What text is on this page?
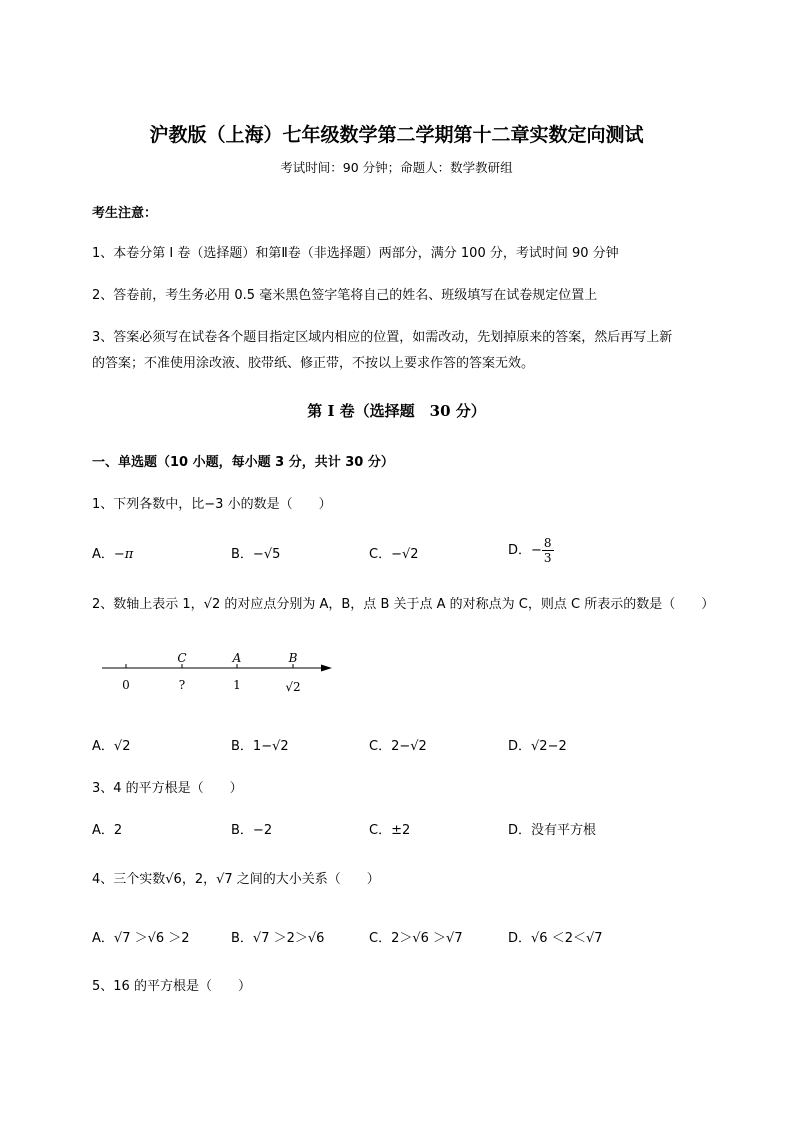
沪教版（上海）七年级数学第二学期第十二章实数定向测试
考试时间：90 分钟；命题人：数学教研组
考生注意：
1、本卷分第 I 卷（选择题）和第Ⅱ卷（非选择题）两部分，满分 100 分，考试时间 90 分钟
2、答卷前，考生务必用 0.5 毫米黑色签字笔将自己的姓名、班级填写在试卷规定位置上
3、答案必须写在试卷各个题目指定区域内相应的位置，如需改动，先划掉原来的答案，然后再写上新
的答案；不准使用涂改液、胶带纸、修正带，不按以上要求作答的答案无效。
第 I 卷（选择题　30 分）
一、单选题（10 小题，每小题 3 分，共计 30 分）
1、下列各数中，比−3 小的数是（　　）
A．−π	B．−√5	C．−√2	D．− $\frac{8}{3}$
2、数轴上表示 1，√2 的对应点分别为 A，B，点 B 关于点 A 的对称点为 C，则点 C 所表示的数是（　　）
C	A	B
0	?	1	√2
A．√2	B．1−√2	C．2−√2	D．√2−2
3、4 的平方根是（　　）
A．2	B．−2	C．±2	D．没有平方根
4、三个实数√6，2，√7 之间的大小关系（　　）
A．√7 ＞√6 ＞2	B．√7 ＞2＞√6	C．2＞√6 ＞√7	D．√6 ＜2＜√7
5、16 的平方根是（　　）
